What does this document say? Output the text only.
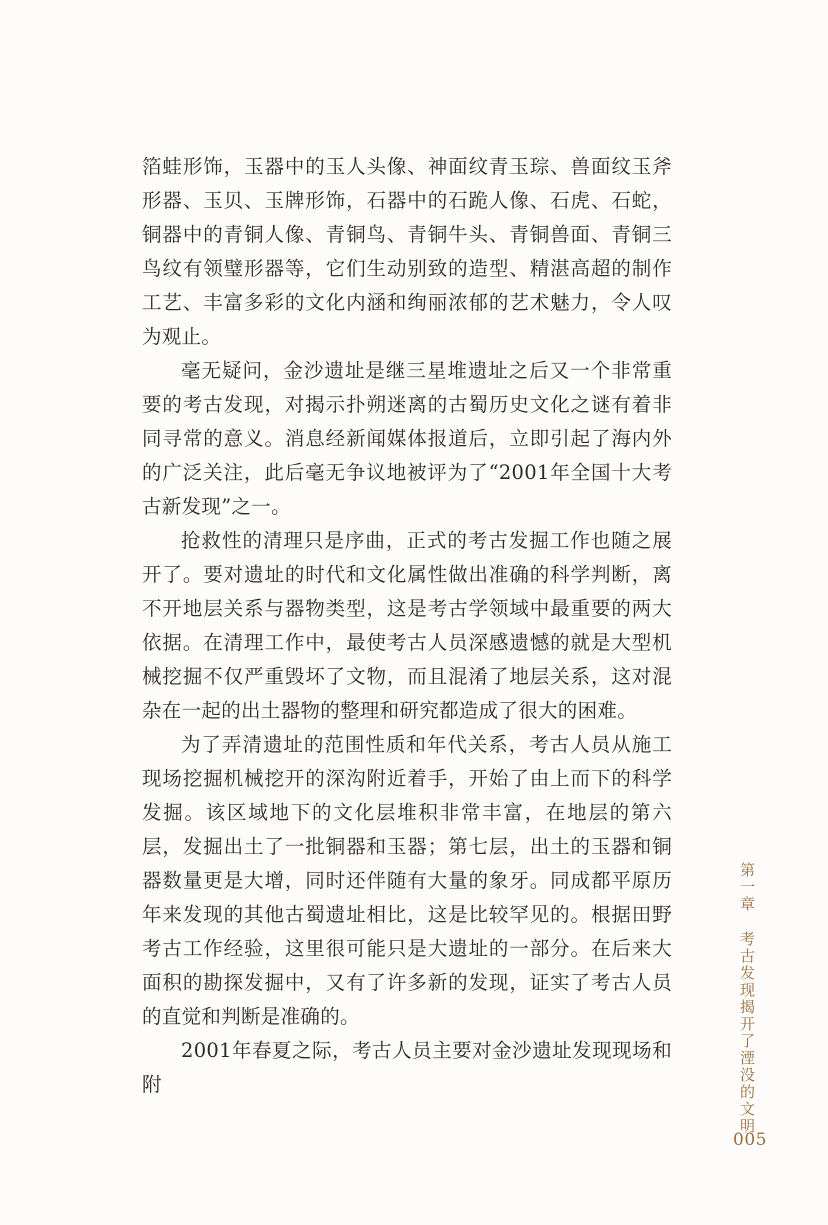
箔蛙形饰，玉器中的玉人头像、神面纹青玉琮、兽面纹玉斧形器、玉贝、玉牌形饰，石器中的石跪人像、石虎、石蛇，铜器中的青铜人像、青铜鸟、青铜牛头、青铜兽面、青铜三鸟纹有领璧形器等，它们生动别致的造型、精湛高超的制作工艺、丰富多彩的文化内涵和绚丽浓郁的艺术魅力，令人叹为观止。

毫无疑问，金沙遗址是继三星堆遗址之后又一个非常重要的考古发现，对揭示扑朔迷离的古蜀历史文化之谜有着非同寻常的意义。消息经新闻媒体报道后，立即引起了海内外的广泛关注，此后毫无争议地被评为了“2001年全国十大考古新发现”之一。

抢救性的清理只是序曲，正式的考古发掘工作也随之展开了。要对遗址的时代和文化属性做出准确的科学判断，离不开地层关系与器物类型，这是考古学领域中最重要的两大依据。在清理工作中，最使考古人员深感遗憾的就是大型机械挖掘不仅严重毁坏了文物，而且混淆了地层关系，这对混杂在一起的出土器物的整理和研究都造成了很大的困难。

为了弄清遗址的范围性质和年代关系，考古人员从施工现场挖掘机械挖开的深沟附近着手，开始了由上而下的科学发掘。该区域地下的文化层堆积非常丰富，在地层的第六层，发掘出土了一批铜器和玉器；第七层，出土的玉器和铜器数量更是大增，同时还伴随有大量的象牙。同成都平原历年来发现的其他古蜀遗址相比，这是比较罕见的。根据田野考古工作经验，这里很可能只是大遗址的一部分。在后来大面积的勘探发掘中，又有了许多新的发现，证实了考古人员的直觉和判断是准确的。

2001年春夏之际，考古人员主要对金沙遗址发现现场和附

第一章考古发现揭开了湮没的文明
005
